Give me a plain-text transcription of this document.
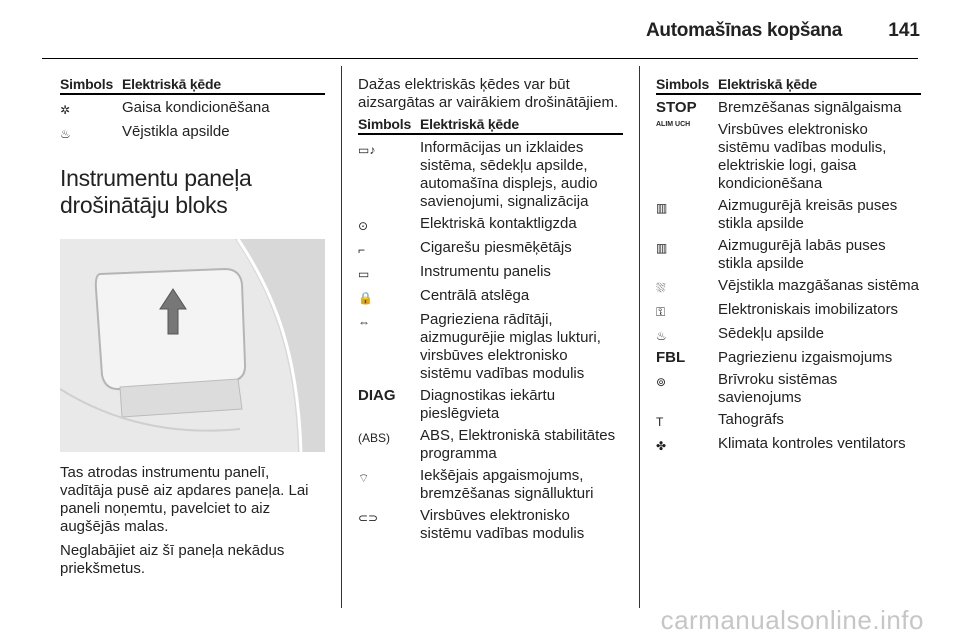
Automašīnas kopšana 141
Simbols Elektriskā ķēde
✲	Gaisa kondicionēšana
♨	Vējstikla apsilde
Instrumentu paneļa
drošinātāju bloks

Tas atrodas instrumentu panelī, vadītāja pusē aiz apdares paneļa. Lai paneli noņemtu, pavelciet to aiz augšējās malas.

Neglabājiet aiz šī paneļa nekādus priekšmetus.

Dažas elektriskās ķēdes var būt aizsargātas ar vairākiem drošinātājiem.

Simbols Elektriskā ķēde
▭♪	Informācijas un izklaides sistēma, sēdekļu apsilde, automašīna displejs, audio savienojumi, signalizācija
⊙	Elektriskā kontaktligzda
⌐	Cigarešu piesmēķētājs
▭	Instrumentu panelis
🔒	Centrālā atslēga
⇔	Pagrieziena rādītāji, aizmugurējie miglas lukturi, virsbūves elektronisko sistēmu vadības modulis
DIAG	Diagnostikas iekārtu pieslēgvieta
(ABS)	ABS, Elektroniskā stabilitātes programma
⌔	Iekšējais apgaismojums, bremzēšanas signāllukturi
⊂⊃	Virsbūves elektronisko sistēmu vadības modulis
Simbols Elektriskā ķēde
STOP	Bremzēšanas signālgaisma
ALIM UCH	Virsbūves elektronisko sistēmu vadības modulis, elektriskie logi, gaisa kondicionēšana
▥	Aizmugurējā kreisās puses stikla apsilde
▥	Aizmugurējā labās puses stikla apsilde
⛆	Vējstikla mazgāšanas sistēma
⚿	Elektroniskais imobilizators
♨	Sēdekļu apsilde
FBL	Pagriezienu izgaismojums
⊚	Brīvroku sistēmas savienojums
T	Tahogrāfs
✤	Klimata kontroles ventilators
carmanualsonline.info
